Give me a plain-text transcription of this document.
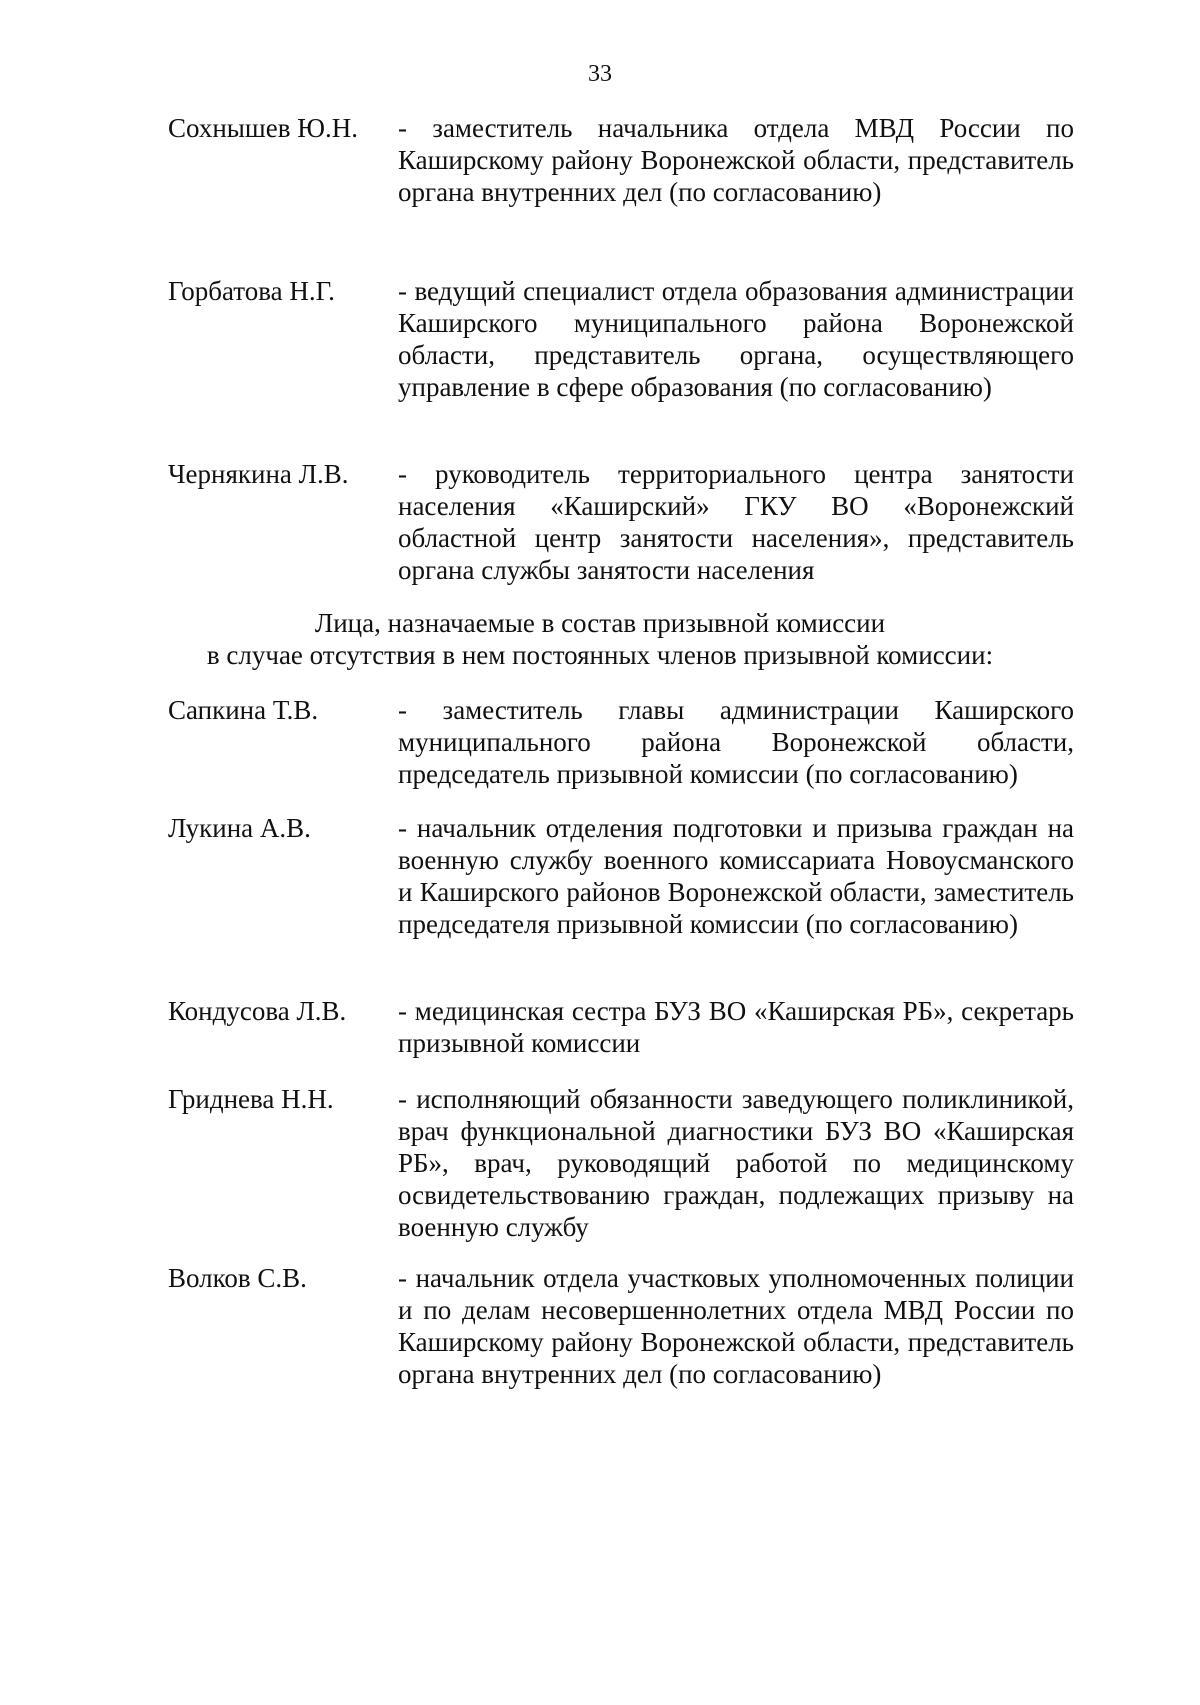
33
Сохнышев Ю.Н. - заместитель начальника отдела МВД России по Каширскому району Воронежской области, представитель органа внутренних дел (по согласованию)
Горбатова Н.Г. - ведущий специалист отдела образования администрации Каширского муниципального района Воронежской области, представитель органа, осуществляющего управление в сфере образования (по согласованию)
Чернякина Л.В. - руководитель территориального центра занятости населения «Каширский» ГКУ ВО «Воронежский областной центр занятости населения», представитель органа службы занятости населения
Лица, назначаемые в состав призывной комиссии
в случае отсутствия в нем постоянных членов призывной комиссии:
Сапкина Т.В.	- заместитель главы администрации Каширского муниципального района Воронежской области, председатель призывной комиссии (по согласованию)
Лукина А.В.	- начальник отделения подготовки и призыва граждан на военную службу военного комиссариата Новоусманского и Каширского районов Воронежской области, заместитель председателя призывной комиссии (по согласованию)
Кондусова Л.В. - медицинская сестра БУЗ ВО «Каширская РБ», секретарь призывной комиссии
Гриднева Н.Н. - исполняющий обязанности заведующего поликлиникой, врач функциональной диагностики БУЗ ВО «Каширская РБ», врач, руководящий работой по медицинскому освидетельствованию граждан, подлежащих призыву на военную службу
Волков С.В.	- начальник отдела участковых уполномоченных полиции и по делам несовершеннолетних отдела МВД России по Каширскому району Воронежской области, представитель органа внутренних дел (по согласованию)
